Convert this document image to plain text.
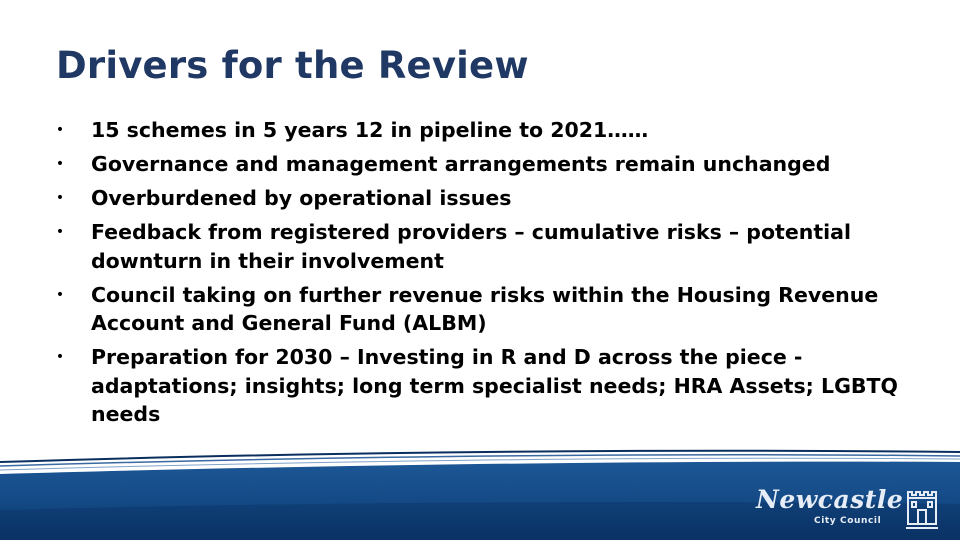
Drivers for the Review
• 15 schemes in 5 years 12 in pipeline to 2021……
• Governance and management arrangements remain unchanged
• Overburdened by operational issues
• Feedback from registered providers – cumulative risks – potential downturn in their involvement
• Council taking on further revenue risks within the Housing Revenue Account and General Fund (ALBM)
• Preparation for 2030 – Investing in R and D across the piece - adaptations; insights; long term specialist needs; HRA Assets; LGBTQ needs
Newcastle
City Council
